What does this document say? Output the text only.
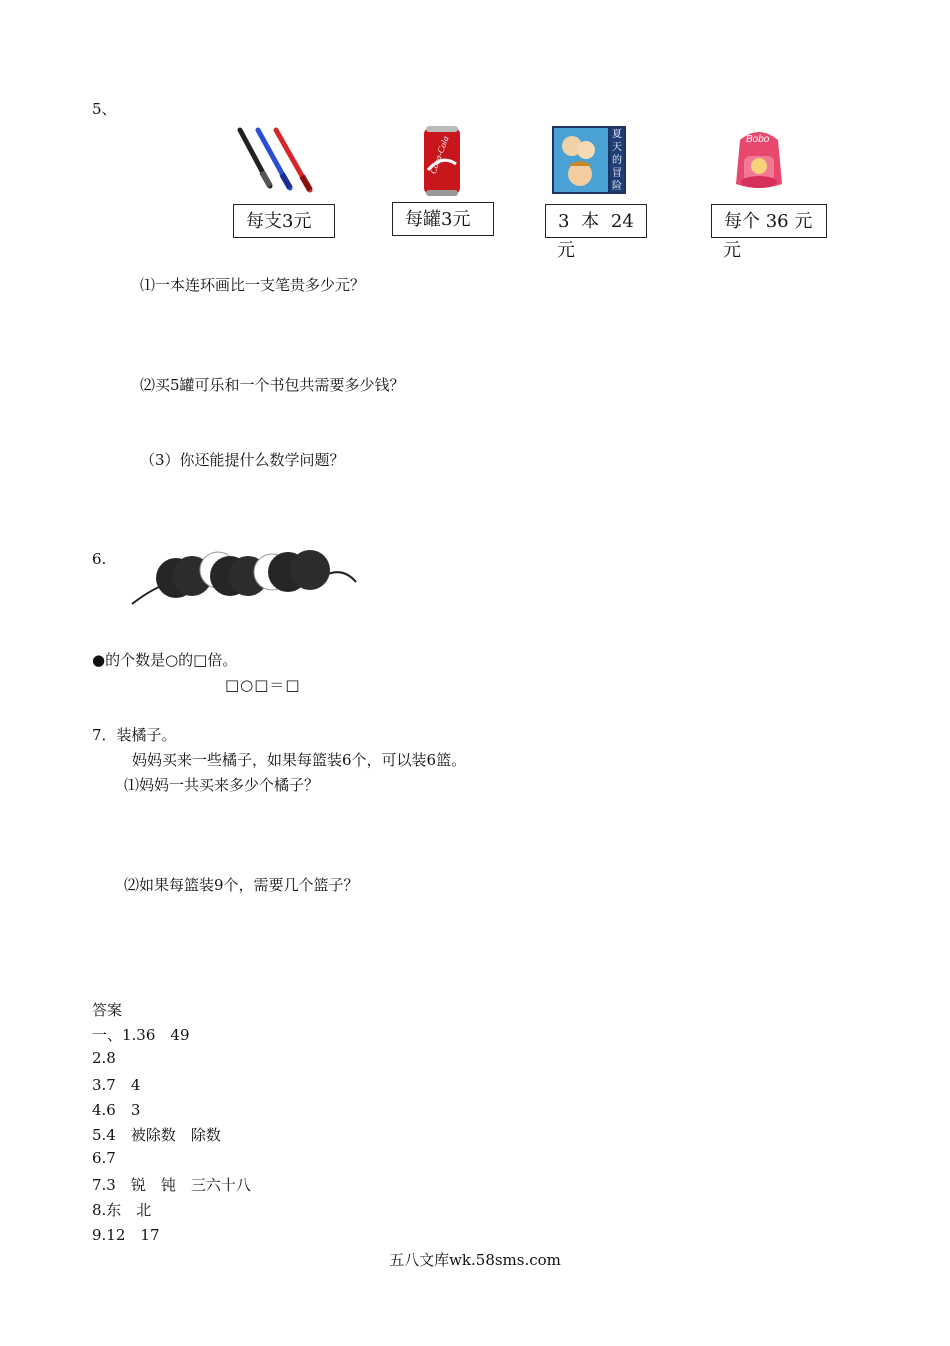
5、
Coca-Cola
夏
天
的
冒
险
Bobo
每支3元	每罐3元	3 本 24
元
每个 36 元
元
⑴一本连环画比一支笔贵多少元？
⑵买5罐可乐和一个书包共需要多少钱？
（3）你还能提什么数学问题？
6.
●的个数是○的□倍。
□○□＝□
7．装橘子。
妈妈买来一些橘子，如果每篮装6个，可以装6篮。
⑴妈妈一共买来多少个橘子？
⑵如果每篮装9个，需要几个篮子？
答案
一、1.36　49
2.8
3.7　4
4.6　3
5.4　被除数　除数
6.7
7.3　锐　钝　三六十八
8.东　北
9.12　17
五八文库wk.58sms.com
